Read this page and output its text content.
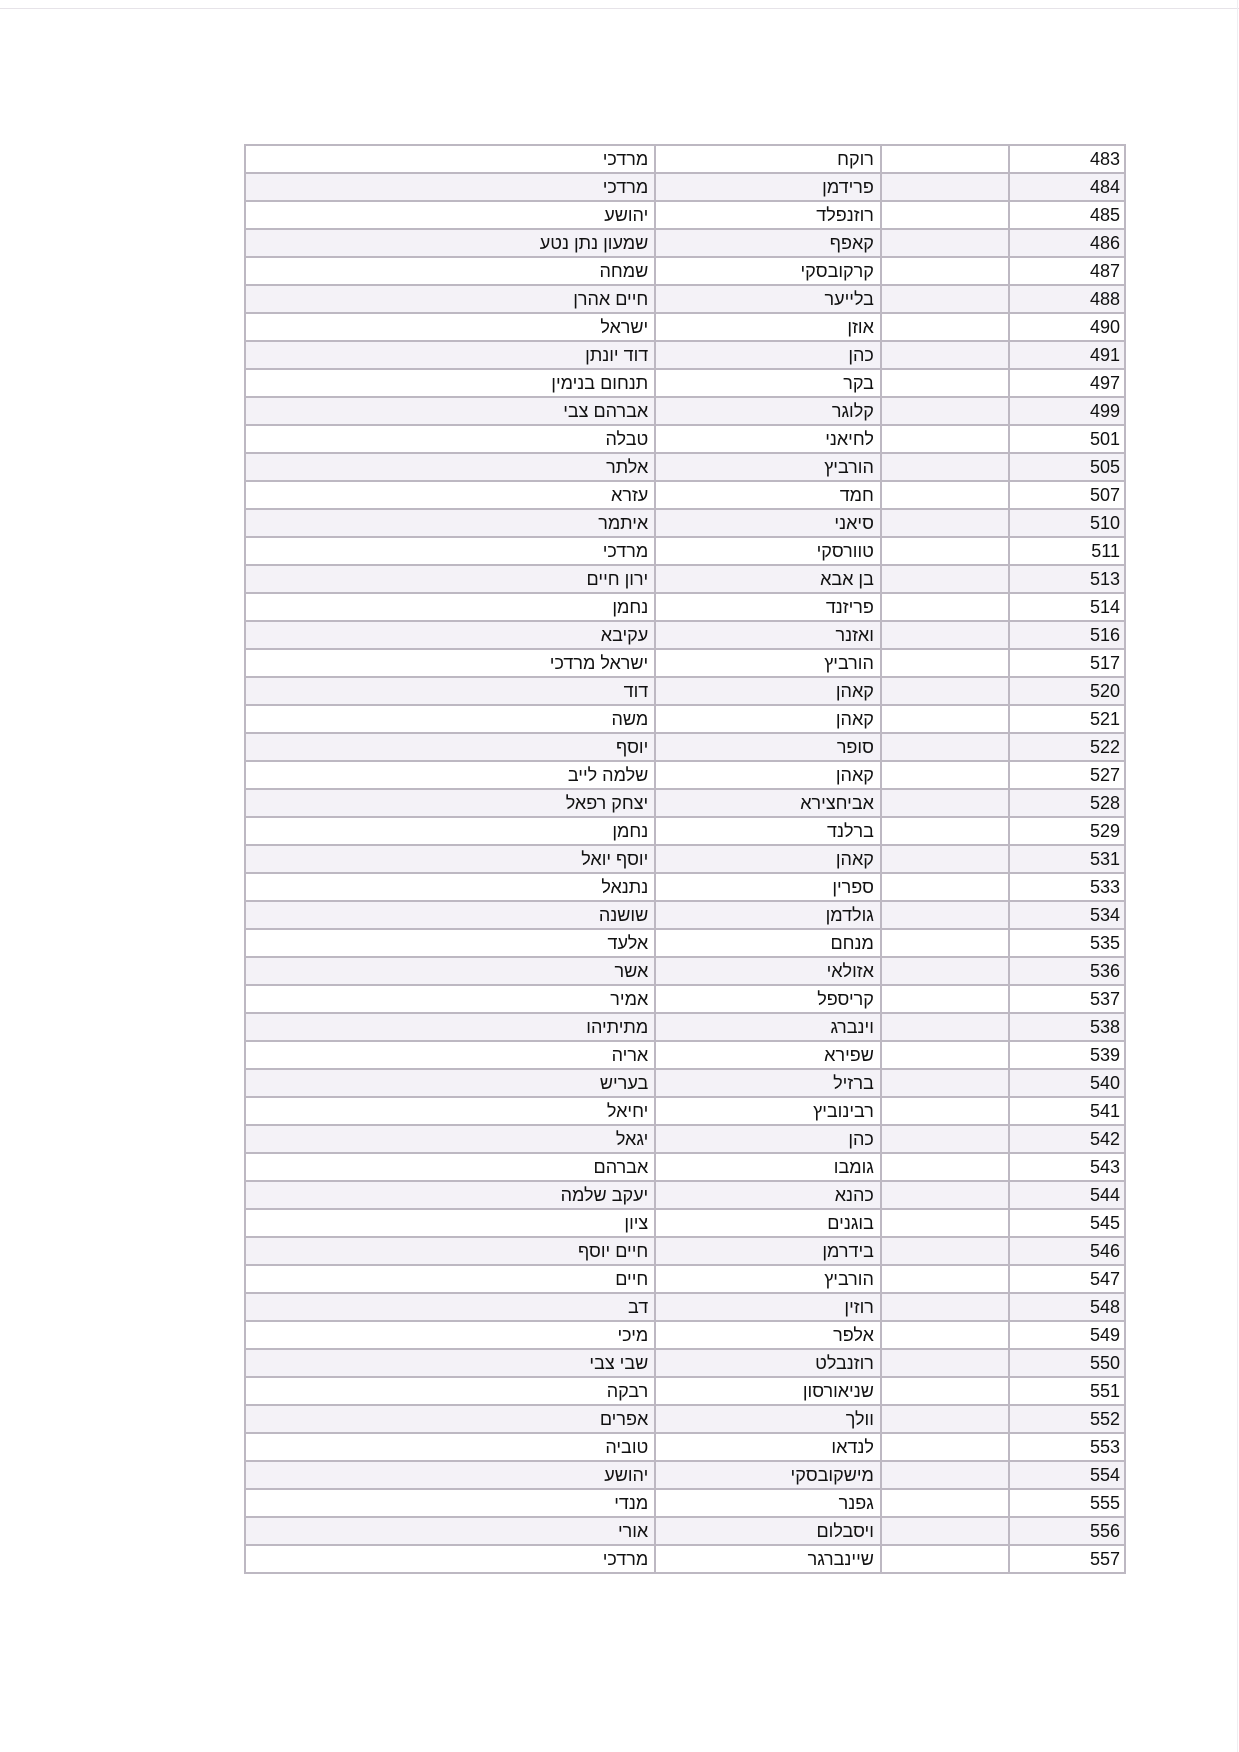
מרדכי	רוקח		483
מרדכי	פרידמן		484
יהושע	רוזנפלד		485
שמעון נתן נטע	קאפף		486
שמחה	קרקובסקי		487
חיים אהרן	בלייער		488
ישראל	אוזן		490
דוד יונתן	כהן		491
תנחום בנימין	בקר		497
אברהם צבי	קלוגר		499
טבלה	לחיאני		501
אלתר	הורביץ		505
עזרא	חמד		507
איתמר	סיאני		510
מרדכי	טוורסקי		511
ירון חיים	בן אבא		513
נחמן	פריזנד		514
עקיבא	ואזנר		516
ישראל מרדכי	הורביץ		517
דוד	קאהן		520
משה	קאהן		521
יוסף	סופר		522
שלמה לייב	קאהן		527
יצחק רפאל	אביחצירא		528
נחמן	ברלנד		529
יוסף יואל	קאהן		531
נתנאל	ספרין		533
שושנה	גולדמן		534
אלעד	מנחם		535
אשר	אזולאי		536
אמיר	קריספל		537
מתיתיהו	וינברג		538
אריה	שפירא		539
בעריש	ברזיל		540
יחיאל	רבינוביץ		541
יגאל	כהן		542
אברהם	גומבו		543
יעקב שלמה	כהנא		544
ציון	בוגנים		545
חיים יוסף	בידרמן		546
חיים	הורביץ		547
דב	רוזין		548
מיכי	אלפר		549
שבי צבי	רוזנבלט		550
רבקה	שניאורסון		551
אפרים	וולך		552
טוביה	לנדאו		553
יהושע	מישקובסקי		554
מנדי	גפנר		555
אורי	ויסבלום		556
מרדכי	שיינברגר		557
